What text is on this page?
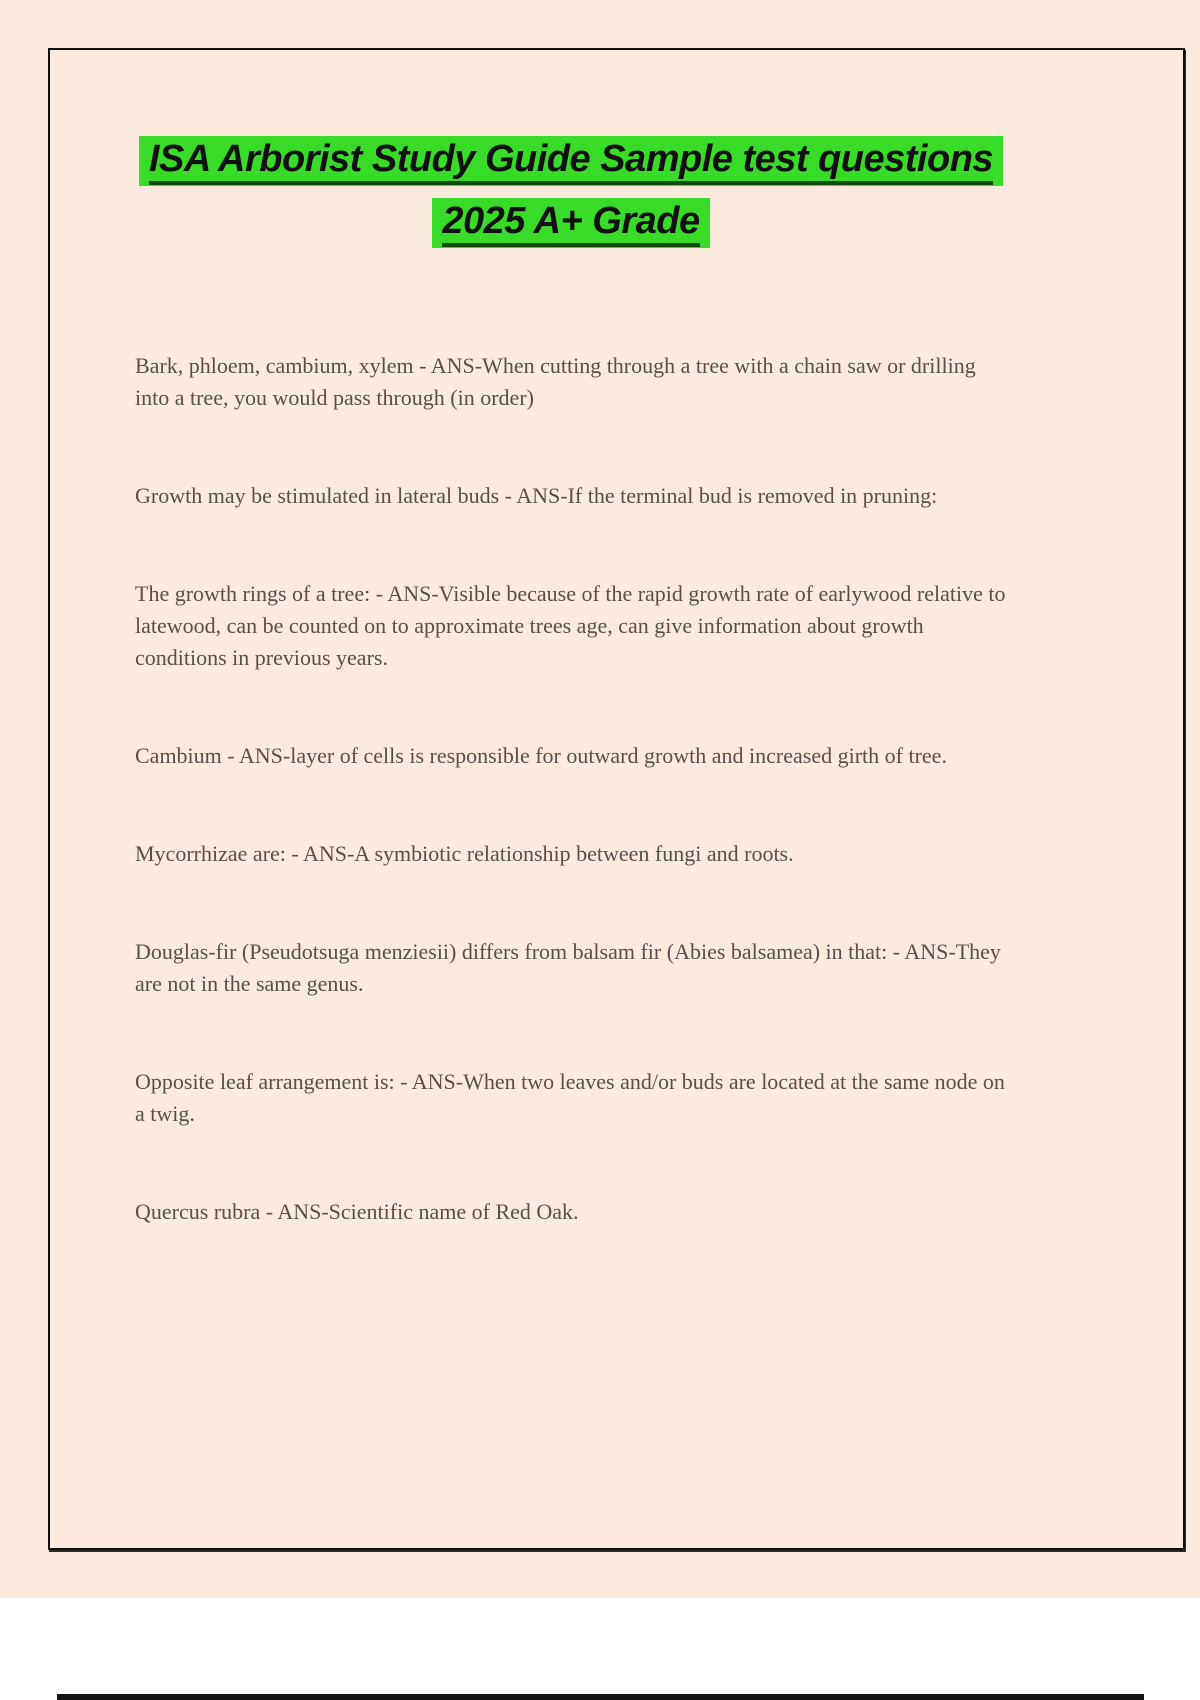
ISA Arborist Study Guide Sample test questions
2025 A+ Grade

Bark, phloem, cambium, xylem - ANS-When cutting through a tree with a chain saw or drilling into a tree, you would pass through (in order)

Growth may be stimulated in lateral buds - ANS-If the terminal bud is removed in pruning:

The growth rings of a tree: - ANS-Visible because of the rapid growth rate of earlywood relative to latewood, can be counted on to approximate trees age, can give information about growth conditions in previous years.

Cambium - ANS-layer of cells is responsible for outward growth and increased girth of tree.

Mycorrhizae are: - ANS-A symbiotic relationship between fungi and roots.

Douglas-fir (Pseudotsuga menziesii) differs from balsam fir (Abies balsamea) in that: - ANS-They are not in the same genus.

Opposite leaf arrangement is: - ANS-When two leaves and/or buds are located at the same node on a twig.

Quercus rubra - ANS-Scientific name of Red Oak.
